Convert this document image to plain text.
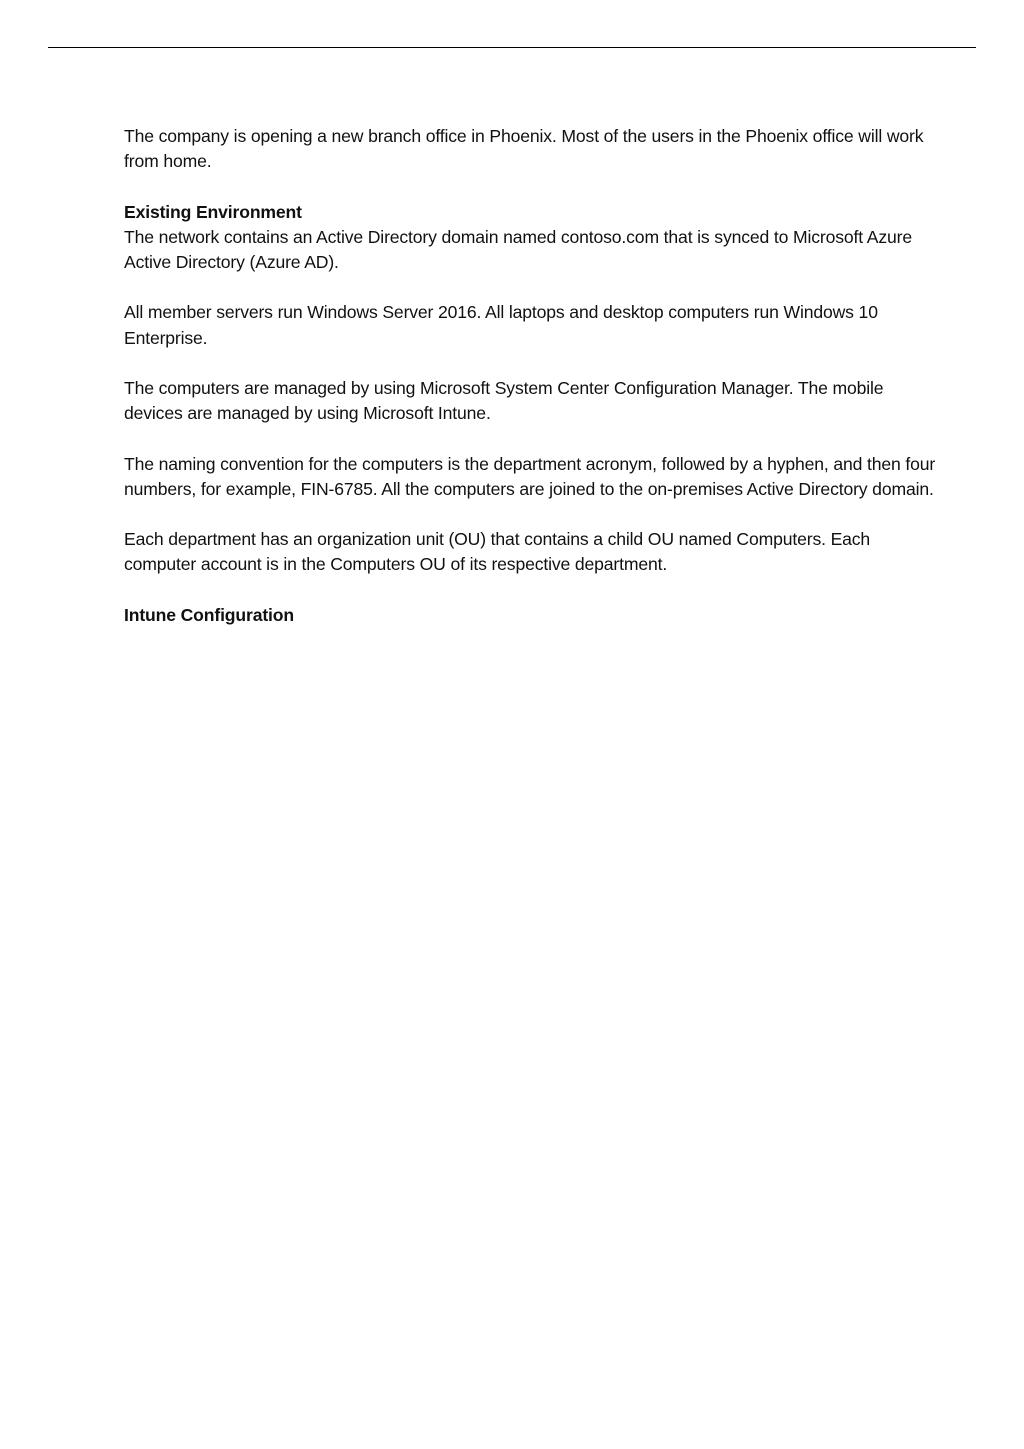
The company is opening a new branch office in Phoenix. Most of the users in the Phoenix office will work from home.

Existing Environment

The network contains an Active Directory domain named contoso.com that is synced to Microsoft Azure Active Directory (Azure AD).

All member servers run Windows Server 2016. All laptops and desktop computers run Windows 10 Enterprise.

The computers are managed by using Microsoft System Center Configuration Manager. The mobile devices are managed by using Microsoft Intune.

The naming convention for the computers is the department acronym, followed by a hyphen, and then four numbers, for example, FIN-6785. All the computers are joined to the on-premises Active Directory domain.

Each department has an organization unit (OU) that contains a child OU named Computers. Each computer account is in the Computers OU of its respective department.

Intune Configuration
